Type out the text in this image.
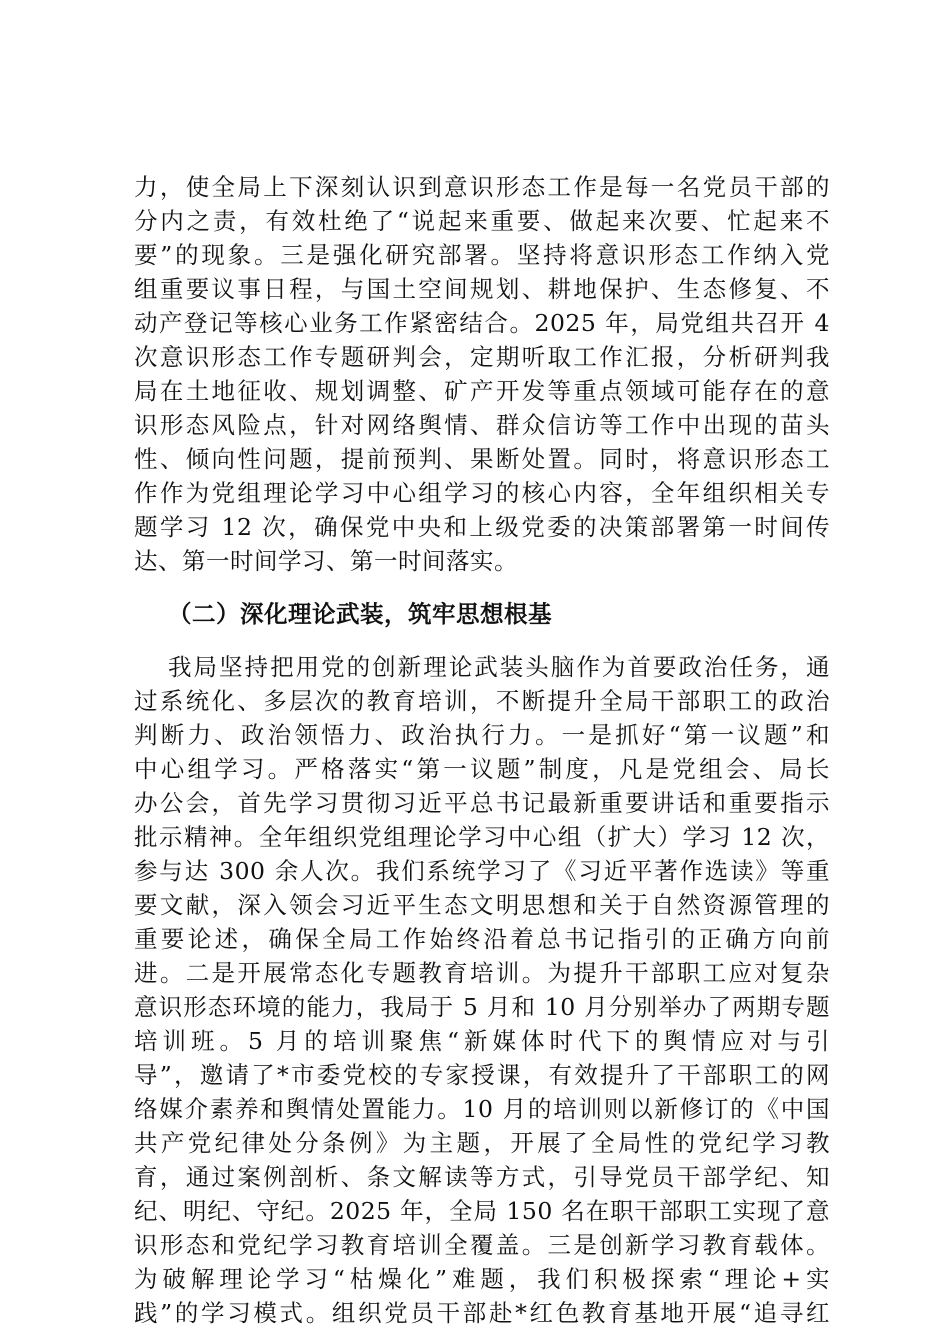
力，使全局上下深刻认识到意识形态工作是每一名党员干部的
分内之责，有效杜绝了“说起来重要、做起来次要、忙起来不
要”的现象。三是强化研究部署。坚持将意识形态工作纳入党
组重要议事日程，与国土空间规划、耕地保护、生态修复、不
动产登记等核心业务工作紧密结合。2025 年，局党组共召开 4
次意识形态工作专题研判会，定期听取工作汇报，分析研判我
局在土地征收、规划调整、矿产开发等重点领域可能存在的意
识形态风险点，针对网络舆情、群众信访等工作中出现的苗头
性、倾向性问题，提前预判、果断处置。同时，将意识形态工
作作为党组理论学习中心组学习的核心内容，全年组织相关专
题学习 12 次，确保党中央和上级党委的决策部署第一时间传
达、第一时间学习、第一时间落实。
（二）深化理论武装，筑牢思想根基
我局坚持把用党的创新理论武装头脑作为首要政治任务，通
过系统化、多层次的教育培训，不断提升全局干部职工的政治
判断力、政治领悟力、政治执行力。一是抓好“第一议题”和
中心组学习。严格落实“第一议题”制度，凡是党组会、局长
办公会，首先学习贯彻习近平总书记最新重要讲话和重要指示
批示精神。全年组织党组理论学习中心组（扩大）学习 12 次，
参与达 300 余人次。我们系统学习了《习近平著作选读》等重
要文献，深入领会习近平生态文明思想和关于自然资源管理的
重要论述，确保全局工作始终沿着总书记指引的正确方向前
进。二是开展常态化专题教育培训。为提升干部职工应对复杂
意识形态环境的能力，我局于 5 月和 10 月分别举办了两期专题
培训班。5 月的培训聚焦“新媒体时代下的舆情应对与引
导”，邀请了*市委党校的专家授课，有效提升了干部职工的网
络媒介素养和舆情处置能力。10 月的培训则以新修订的《中国
共产党纪律处分条例》为主题，开展了全局性的党纪学习教
育，通过案例剖析、条文解读等方式，引导党员干部学纪、知
纪、明纪、守纪。2025 年，全局 150 名在职干部职工实现了意
识形态和党纪学习教育培训全覆盖。三是创新学习教育载体。
为破解理论学习“枯燥化”难题，我们积极探索“理论+实
践”的学习模式。组织党员干部赴*红色教育基地开展“追寻红
